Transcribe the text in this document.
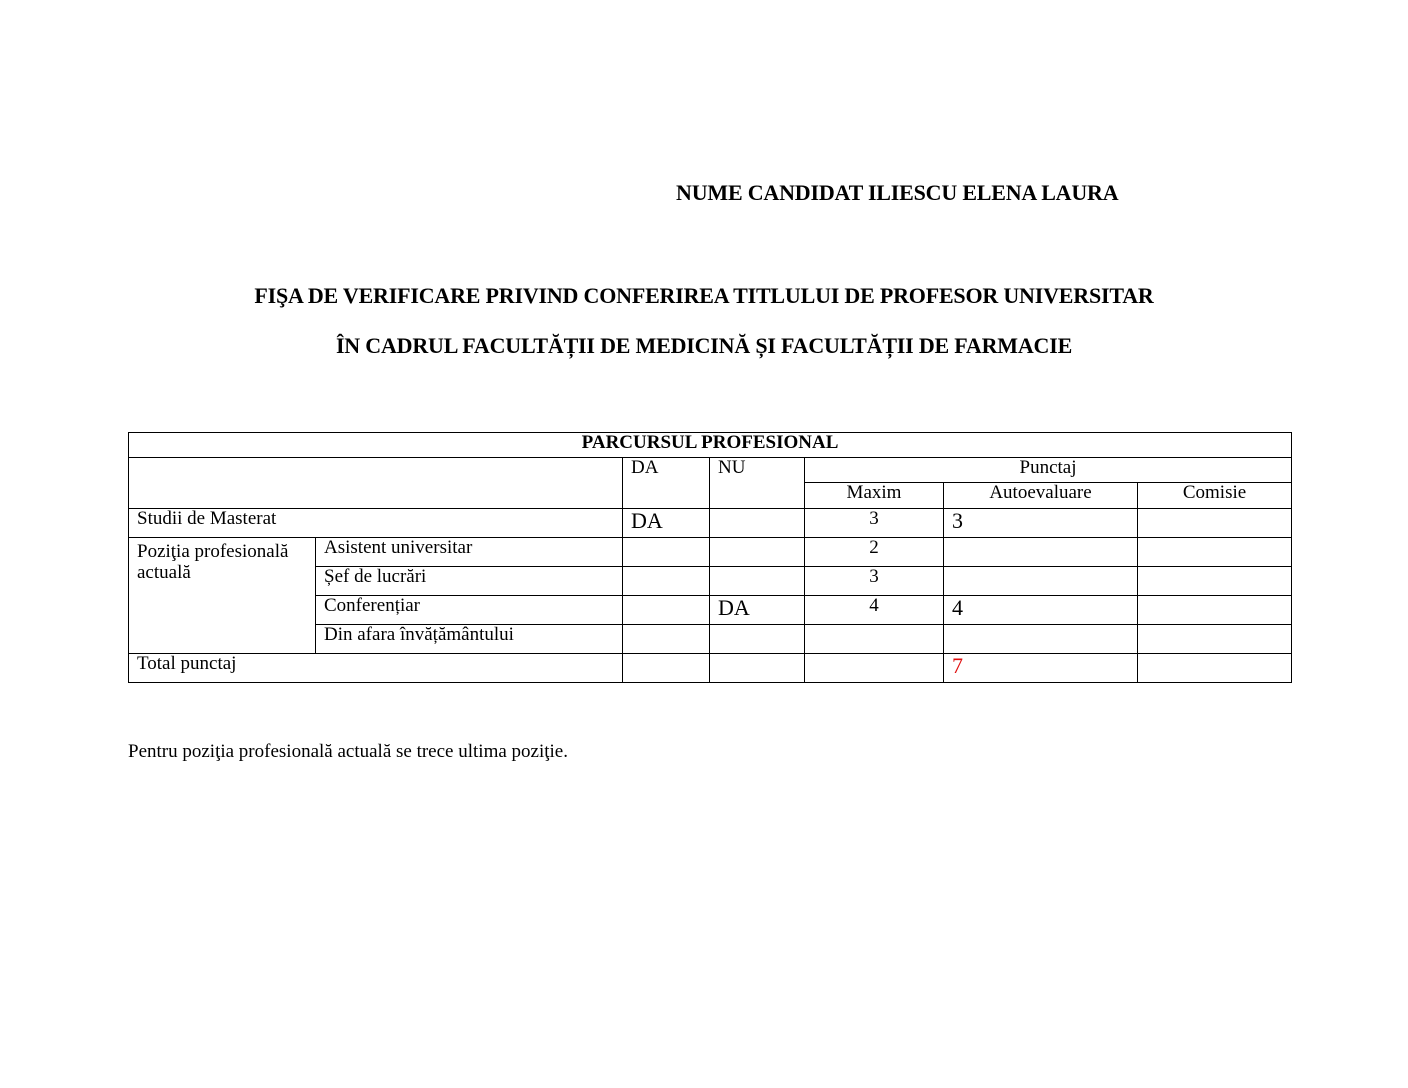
NUME CANDIDAT ILIESCU ELENA LAURA
FIŞA DE VERIFICARE PRIVIND CONFERIREA TITLULUI DE PROFESOR UNIVERSITAR
ÎN CADRUL FACULTĂȚII DE MEDICINĂ ȘI FACULTĂȚII DE FARMACIE
PARCURSUL PROFESIONAL						
		DA	NU	Punctaj		
				Maxim	Autoevaluare	Comisie
Studii de Masterat		DA		3	3	
Poziţia profesională actuală	Asistent universitar			2		
	Șef de lucrări			3		
	Conferențiar		DA	4	4	
	Din afara învățământului					
Total punctaj					7	
Pentru poziţia profesională actuală se trece ultima poziţie.
